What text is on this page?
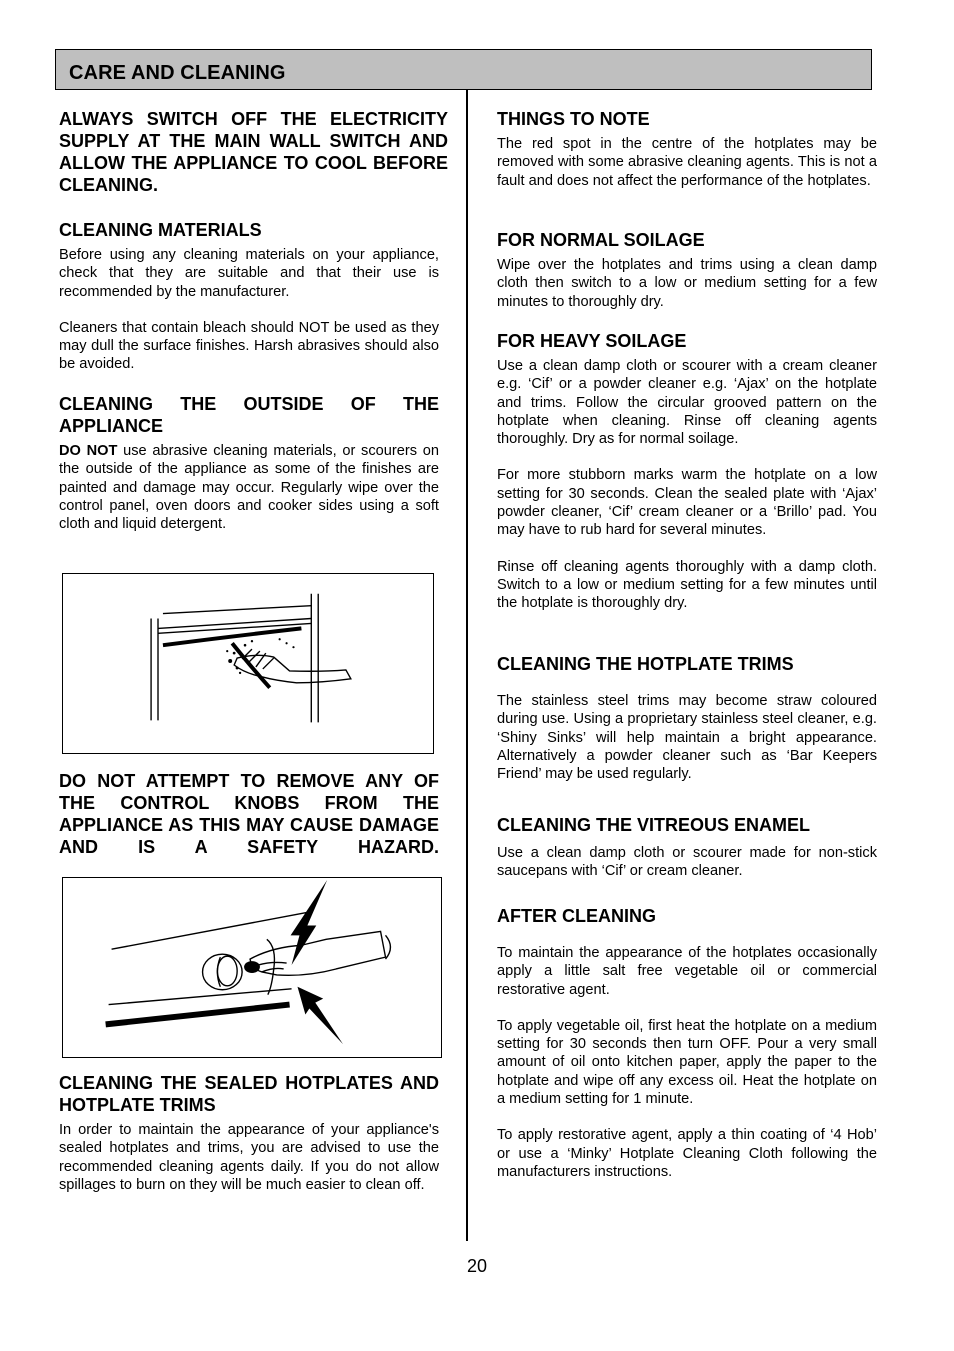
CARE AND CLEANING
ALWAYS SWITCH OFF THE ELECTRICITY SUPPLY AT THE MAIN WALL SWITCH AND ALLOW THE APPLIANCE TO COOL BEFORE CLEANING.
CLEANING MATERIALS

Before using any cleaning materials on your appliance, check that they are suitable and that their use is recommended by the manufacturer.

Cleaners that contain bleach should NOT be used as they may dull the surface finishes. Harsh abrasives should also be avoided.

CLEANING THE OUTSIDE OF THE APPLIANCE

DO NOT use abrasive cleaning materials, or scourers on the outside of the appliance as some of the finishes are painted and damage may occur. Regularly wipe over the control panel, oven doors and cooker sides using a soft cloth and liquid detergent.

DO NOT ATTEMPT TO REMOVE ANY OF THE CONTROL KNOBS FROM THE APPLIANCE AS THIS MAY CAUSE DAMAGE AND IS A SAFETY HAZARD.
CLEANING THE SEALED HOTPLATES AND HOTPLATE TRIMS

In order to maintain the appearance of your appliance's sealed hotplates and trims, you are advised to use the recommended cleaning agents daily. If you do not allow spillages to burn on they will be much easier to clean off.

THINGS TO NOTE

The red spot in the centre of the hotplates may be removed with some abrasive cleaning agents. This is not a fault and does not affect the performance of the hotplates.

FOR NORMAL SOILAGE

Wipe over the hotplates and trims using a clean damp cloth then switch to a low or medium setting for a few minutes to thoroughly dry.

FOR HEAVY SOILAGE

Use a clean damp cloth or scourer with a cream cleaner e.g. ‘Cif’ or a powder cleaner e.g. ‘Ajax’ on the hotplate and trims. Follow the circular grooved pattern on the hotplate when cleaning. Rinse off cleaning agents thoroughly. Dry as for normal soilage.

For more stubborn marks warm the hotplate on a low setting for 30 seconds. Clean the sealed plate with ‘Ajax’ powder cleaner, ‘Cif’ cream cleaner or a ‘Brillo’ pad. You may have to rub hard for several minutes.

Rinse off cleaning agents thoroughly with a damp cloth. Switch to a low or medium setting for a few minutes until the hotplate is thoroughly dry.

CLEANING THE HOTPLATE TRIMS

The stainless steel trims may become straw coloured during use. Using a proprietary stainless steel cleaner, e.g. ‘Shiny Sinks’ will help maintain a bright appearance. Alternatively a powder cleaner such as ‘Bar Keepers Friend’ may be used regularly.

CLEANING THE VITREOUS ENAMEL

Use a clean damp cloth or scourer made for non-stick saucepans with ‘Cif’ or cream cleaner.

AFTER CLEANING

To maintain the appearance of the hotplates occasionally apply a little salt free vegetable oil or commercial restorative agent.

To apply vegetable oil, first heat the hotplate on a medium setting for 30 seconds then turn OFF. Pour a very small amount of oil onto kitchen paper, apply the paper to the hotplate and wipe off any excess oil. Heat the hotplate on a medium setting for 1 minute.

To apply restorative agent, apply a thin coating of ‘4 Hob’ or use a ‘Minky’ Hotplate Cleaning Cloth following the manufacturers instructions.

20
